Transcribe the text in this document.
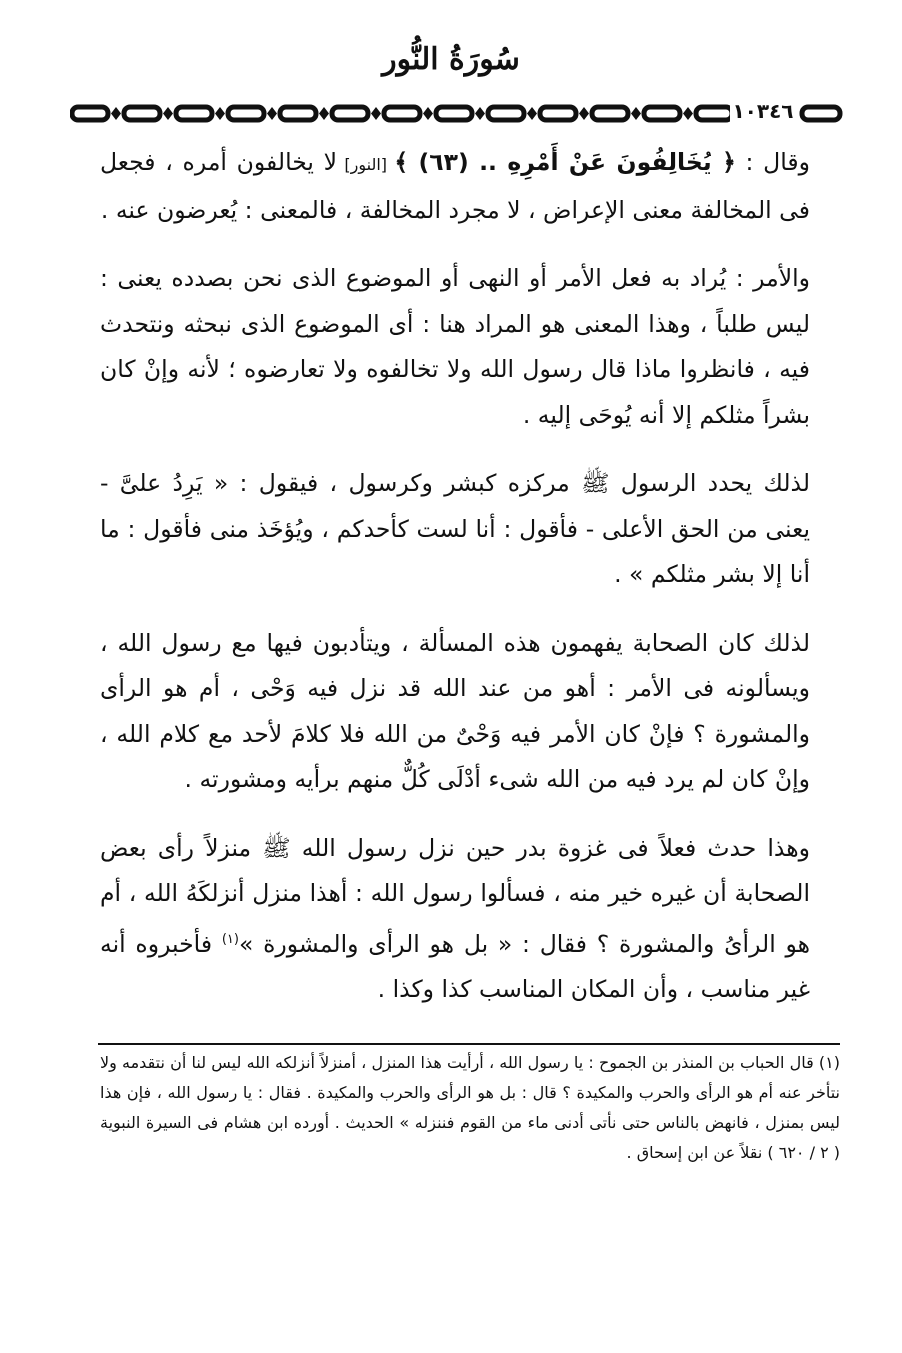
سُورَةُ النُّور
١٠٣٤٦

وقال : ﴿ يُخَالِفُونَ عَنْ أَمْرِهِ .. (٦٣) ﴾ [النور] لا يخالفون أمره ، فجعل فى المخالفة معنى الإعراض ، لا مجرد المخالفة ، فالمعنى : يُعرضون عنه .

والأمر : يُراد به فعل الأمر أو النهى أو الموضوع الذى نحن بصدده يعنى : ليس طلباً ، وهذا المعنى هو المراد هنا : أى الموضوع الذى نبحثه ونتحدث فيه ، فانظروا ماذا قال رسول الله ولا تخالفوه ولا تعارضوه ؛ لأنه وإنْ كان بشراً مثلكم إلا أنه يُوحَى إليه .

لذلك يحدد الرسول ﷺ مركزه كبشر وكرسول ، فيقول : « يَرِدُ علىَّ - يعنى من الحق الأعلى - فأقول : أنا لست كأحدكم ، ويُؤخَذ منى فأقول : ما أنا إلا بشر مثلكم » .

لذلك كان الصحابة يفهمون هذه المسألة ، ويتأدبون فيها مع رسول الله ، ويسألونه فى الأمر : أهو من عند الله قد نزل فيه وَحْى ، أم هو الرأى والمشورة ؟ فإنْ كان الأمر فيه وَحْىٌ من الله فلا كلامَ لأحد مع كلام الله ، وإنْ كان لم يرد فيه من الله شىء أدْلَى كُلٌّ منهم برأيه ومشورته .

وهذا حدث فعلاً فى غزوة بدر حين نزل رسول الله ﷺ منزلاً رأى بعض الصحابة أن غيره خير منه ، فسألوا رسول الله : أهذا منزل أنزلكَهُ الله ، أم هو الرأىُ والمشورة ؟ فقال : « بل هو الرأى والمشورة »$^{(١)}$ فأخبروه أنه غير مناسب ، وأن المكان المناسب كذا وكذا .

(١) قال الحباب بن المنذر بن الجموح : يا رسول الله ، أرأيت هذا المنزل ، أمنزلاً أنزلكه الله ليس لنا أن نتقدمه ولا نتأخر عنه أم هو الرأى والحرب والمكيدة ؟ قال : بل هو الرأى والحرب والمكيدة . فقال : يا رسول الله ، فإن هذا ليس بمنزل ، فانهض بالناس حتى نأتى أدنى ماء من القوم فننزله » الحديث . أورده ابن هشام فى السيرة النبوية ( ٢ / ٦٢٠ ) نقلاً عن ابن إسحاق .
